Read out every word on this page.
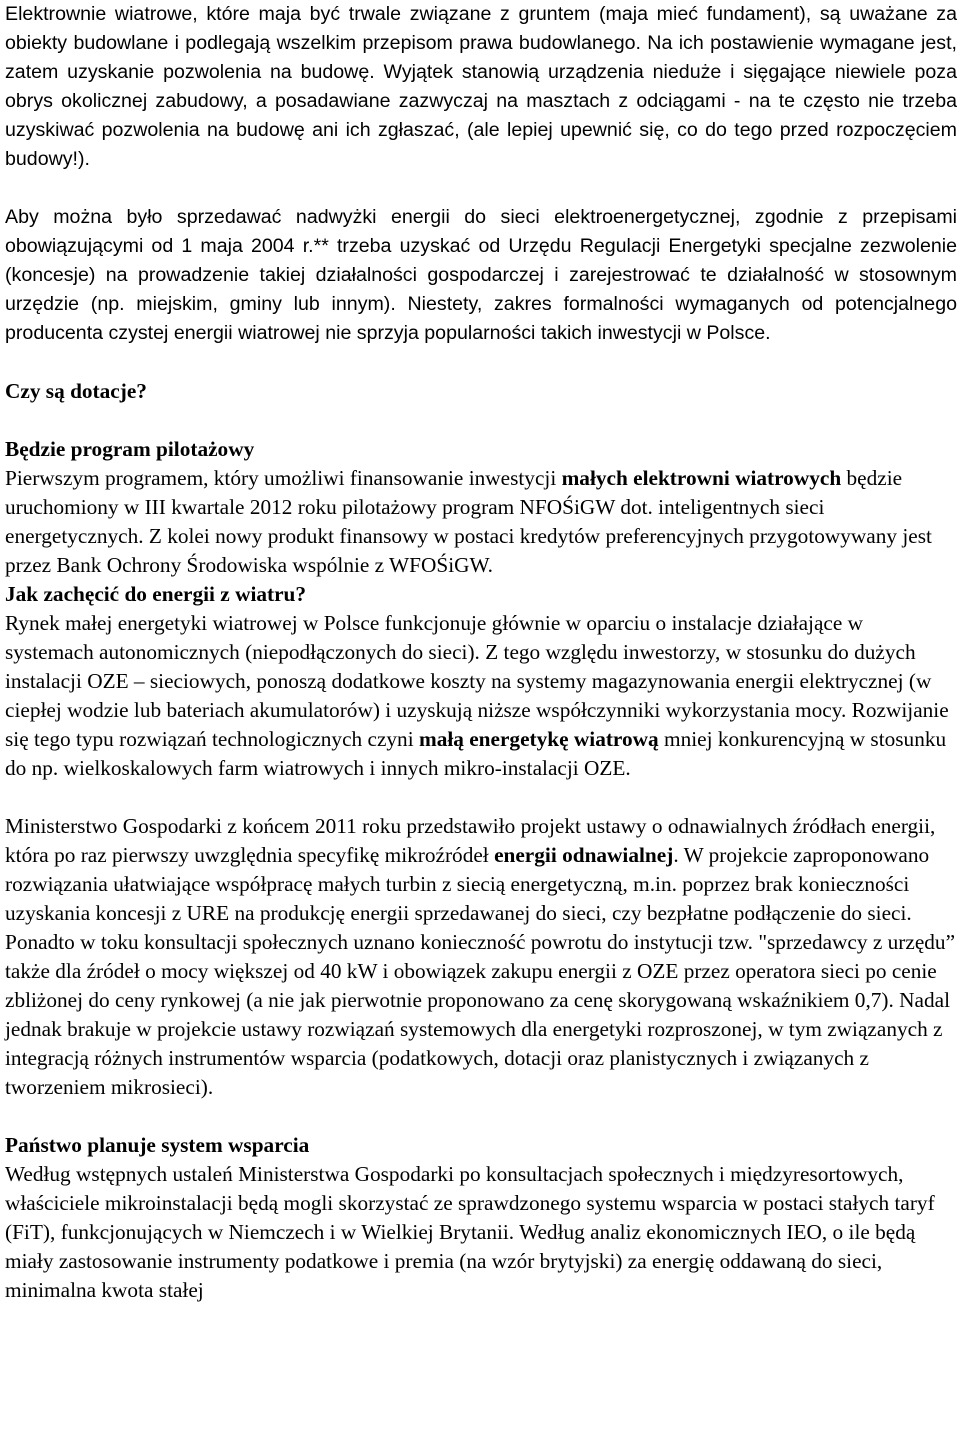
Elektrownie wiatrowe, które maja być trwale związane z gruntem (maja mieć fundament), są uważane za obiekty budowlane i podlegają wszelkim przepisom prawa budowlanego. Na ich postawienie wymagane jest, zatem uzyskanie pozwolenia na budowę. Wyjątek stanowią urządzenia nieduże i sięgające niewiele poza obrys okolicznej zabudowy, a posadawiane zazwyczaj na masztach z odciągami - na te często nie trzeba uzyskiwać pozwolenia na budowę ani ich zgłaszać, (ale lepiej upewnić się, co do tego przed rozpoczęciem budowy!).

Aby można było sprzedawać nadwyżki energii do sieci elektroenergetycznej, zgodnie z przepisami obowiązującymi od 1 maja 2004 r.** trzeba uzyskać od Urzędu Regulacji Energetyki specjalne zezwolenie (koncesje) na prowadzenie takiej działalności gospodarczej i zarejestrować te działalność w stosownym urzędzie (np. miejskim, gminy lub innym). Niestety, zakres formalności wymaganych od potencjalnego producenta czystej energii wiatrowej nie sprzyja popularności takich inwestycji w Polsce.

Czy są dotacje?

Będzie program pilotażowy

Pierwszym programem, który umożliwi finansowanie inwestycji małych elektrowni wiatrowych będzie uruchomiony w III kwartale 2012 roku pilotażowy program NFOŚiGW dot. inteligentnych sieci energetycznych. Z kolei nowy produkt finansowy w postaci kredytów preferencyjnych przygotowywany jest przez Bank Ochrony Środowiska wspólnie z WFOŚiGW.

Jak zachęcić do energii z wiatru?

Rynek małej energetyki wiatrowej w Polsce funkcjonuje głównie w oparciu o instalacje działające w systemach autonomicznych (niepodłączonych do sieci). Z tego względu inwestorzy, w stosunku do dużych instalacji OZE – sieciowych, ponoszą dodatkowe koszty na systemy magazynowania energii elektrycznej (w ciepłej wodzie lub bateriach akumulatorów) i uzyskują niższe współczynniki wykorzystania mocy. Rozwijanie się tego typu rozwiązań technologicznych czyni małą energetykę wiatrową mniej konkurencyjną w stosunku do np. wielkoskalowych farm wiatrowych i innych mikro-instalacji OZE.

Ministerstwo Gospodarki z końcem 2011 roku przedstawiło projekt ustawy o odnawialnych źródłach energii, która po raz pierwszy uwzględnia specyfikę mikroźródeł energii odnawialnej. W projekcie zaproponowano rozwiązania ułatwiające współpracę małych turbin z siecią energetyczną, m.in. poprzez brak konieczności uzyskania koncesji z URE na produkcję energii sprzedawanej do sieci, czy bezpłatne podłączenie do sieci. Ponadto w toku konsultacji społecznych uznano konieczność powrotu do instytucji tzw. "sprzedawcy z urzędu” także dla źródeł o mocy większej od 40 kW i obowiązek zakupu energii z OZE przez operatora sieci po cenie zbliżonej do ceny rynkowej (a nie jak pierwotnie proponowano za cenę skorygowaną wskaźnikiem 0,7). Nadal jednak brakuje w projekcie ustawy rozwiązań systemowych dla energetyki rozproszonej, w tym związanych z integracją różnych instrumentów wsparcia (podatkowych, dotacji oraz planistycznych i związanych z tworzeniem mikrosieci).

Państwo planuje system wsparcia

Według wstępnych ustaleń Ministerstwa Gospodarki po konsultacjach społecznych i międzyresortowych, właściciele mikroinstalacji będą mogli skorzystać ze sprawdzonego systemu wsparcia w postaci stałych taryf (FiT), funkcjonujących w Niemczech i w Wielkiej Brytanii. Według analiz ekonomicznych IEO, o ile będą miały zastosowanie instrumenty podatkowe i premia (na wzór brytyjski) za energię oddawaną do sieci, minimalna kwota stałej
